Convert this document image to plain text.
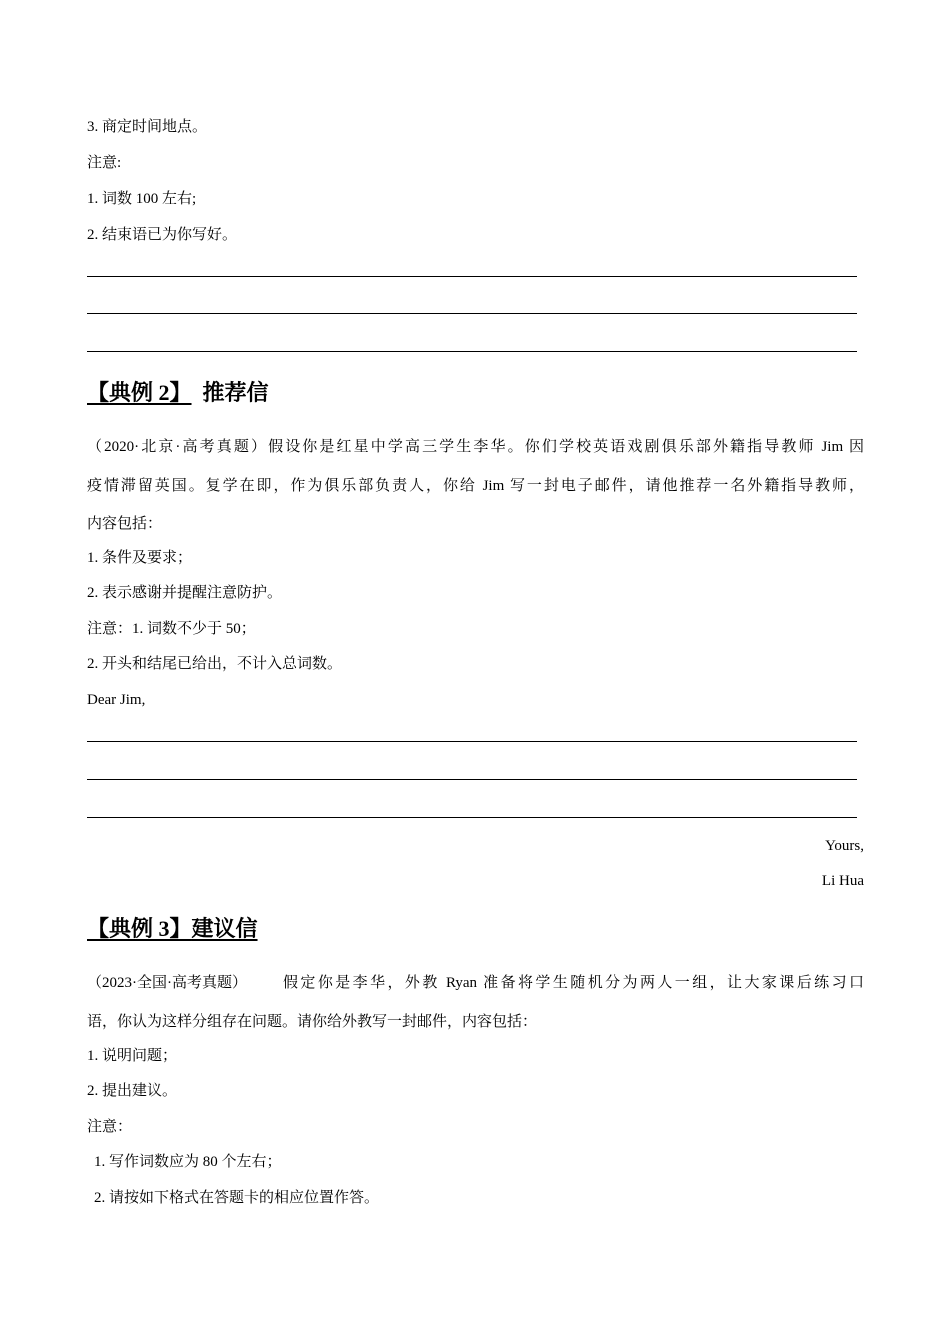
3. 商定时间地点。
注意:
1. 词数 100 左右;
2. 结束语已为你写好。
【典例 2】 推荐信
（2020·北京·高考真题）假设你是红星中学高三学生李华。你们学校英语戏剧俱乐部外籍指导教师 Jim 因
疫情滞留英国。复学在即，作为俱乐部负责人，你给 Jim 写一封电子邮件，请他推荐一名外籍指导教师，
内容包括：
1. 条件及要求；
2. 表示感谢并提醒注意防护。
注意：1. 词数不少于 50；
2. 开头和结尾已给出，不计入总词数。
Dear Jim,
Yours,
Li Hua
【典例 3】建议信
（2023·全国·高考真题）	假定你是李华，外教 Ryan 准备将学生随机分为两人一组，让大家课后练习口
语，你认为这样分组存在问题。请你给外教写一封邮件，内容包括：
1. 说明问题；
2. 提出建议。
注意：
1. 写作词数应为 80 个左右；
2. 请按如下格式在答题卡的相应位置作答。
